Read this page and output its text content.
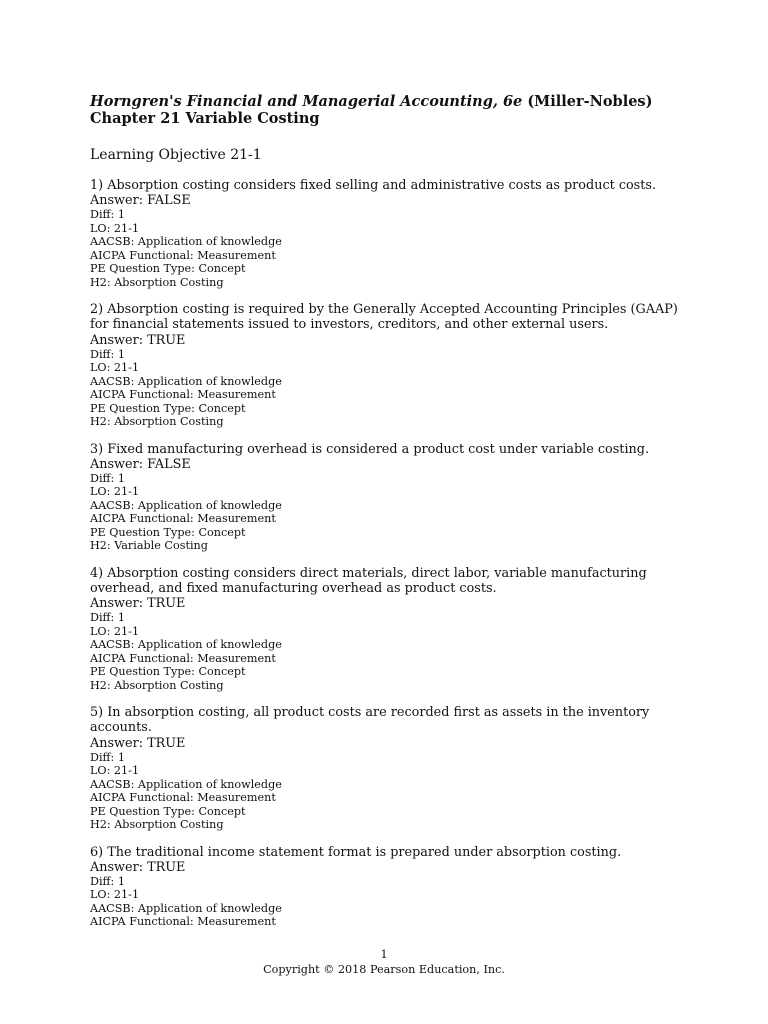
Horngren's Financial and Managerial Accounting, 6e (Miller-Nobles)
Chapter 21 Variable Costing
Learning Objective 21-1
1) Absorption costing considers fixed selling and administrative costs as product costs.
Answer: FALSE
Diff: 1
LO: 21-1
AACSB: Application of knowledge
AICPA Functional: Measurement
PE Question Type: Concept
H2: Absorption Costing
2) Absorption costing is required by the Generally Accepted Accounting Principles (GAAP) for financial statements issued to investors, creditors, and other external users.
Answer: TRUE
Diff: 1
LO: 21-1
AACSB: Application of knowledge
AICPA Functional: Measurement
PE Question Type: Concept
H2: Absorption Costing
3) Fixed manufacturing overhead is considered a product cost under variable costing.
Answer: FALSE
Diff: 1
LO: 21-1
AACSB: Application of knowledge
AICPA Functional: Measurement
PE Question Type: Concept
H2: Variable Costing
4) Absorption costing considers direct materials, direct labor, variable manufacturing overhead, and fixed manufacturing overhead as product costs.
Answer: TRUE
Diff: 1
LO: 21-1
AACSB: Application of knowledge
AICPA Functional: Measurement
PE Question Type: Concept
H2: Absorption Costing
5) In absorption costing, all product costs are recorded first as assets in the inventory accounts.
Answer: TRUE
Diff: 1
LO: 21-1
AACSB: Application of knowledge
AICPA Functional: Measurement
PE Question Type: Concept
H2: Absorption Costing
6) The traditional income statement format is prepared under absorption costing.
Answer: TRUE
Diff: 1
LO: 21-1
AACSB: Application of knowledge
AICPA Functional: Measurement
1
Copyright © 2018 Pearson Education, Inc.
